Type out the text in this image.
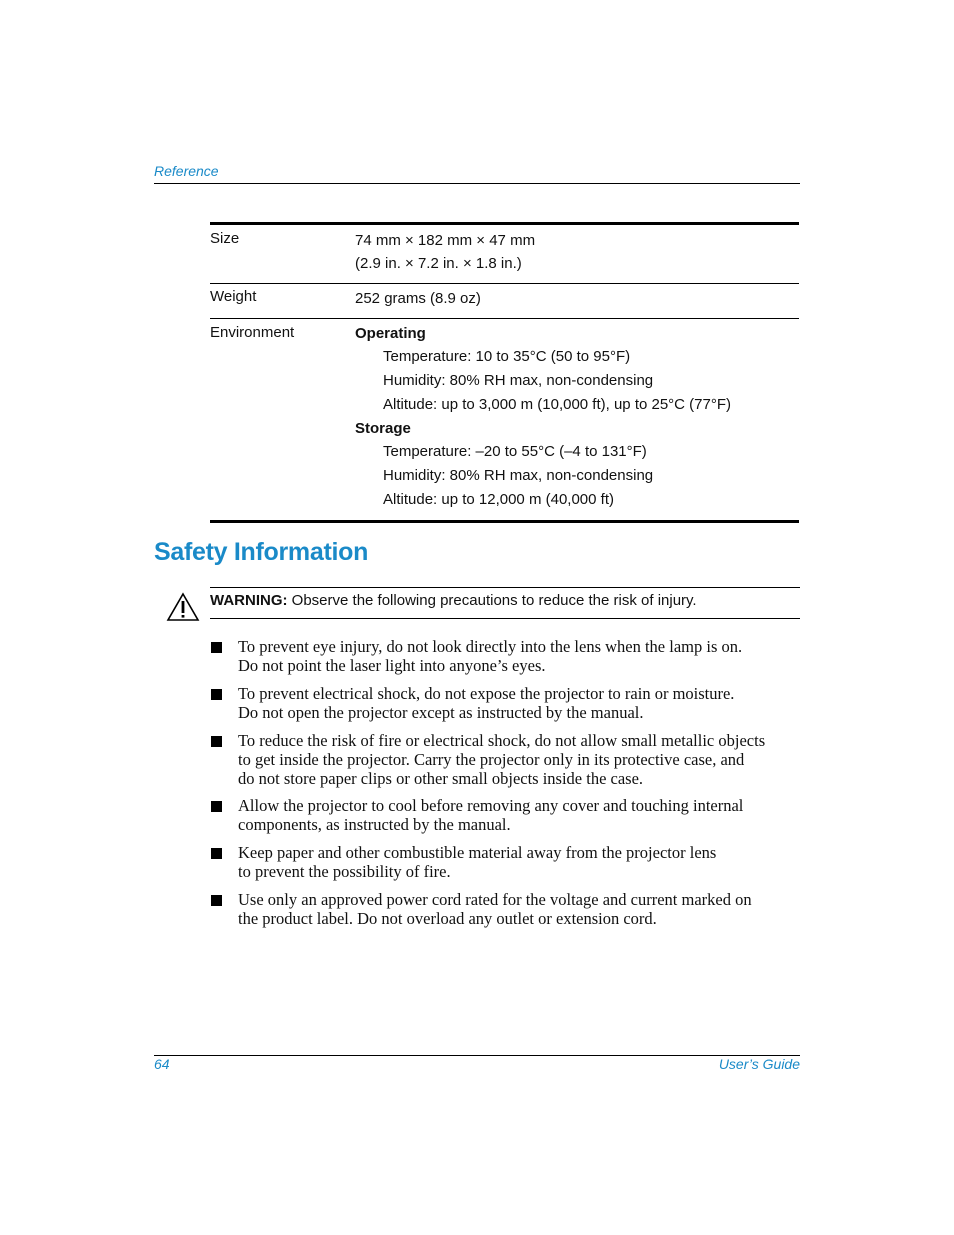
Reference
Size	74 mm × 182 mm × 47 mm
(2.9 in. × 7.2 in. × 1.8 in.)
Weight	252 grams (8.9 oz)
Environment	Operating
Temperature: 10 to 35°C (50 to 95°F)
Humidity: 80% RH max, non-condensing
Altitude: up to 3,000 m (10,000 ft), up to 25°C (77°F)
Storage
Temperature: –20 to 55°C (–4 to 131°F)
Humidity: 80% RH max, non-condensing
Altitude: up to 12,000 m (40,000 ft)
Safety Information
WARNING: Observe the following precautions to reduce the risk of injury.
To prevent eye injury, do not look directly into the lens when the lamp is on.
Do not point the laser light into anyone’s eyes.
To prevent electrical shock, do not expose the projector to rain or moisture.
Do not open the projector except as instructed by the manual.
To reduce the risk of fire or electrical shock, do not allow small metallic objects
to get inside the projector. Carry the projector only in its protective case, and
do not store paper clips or other small objects inside the case.
Allow the projector to cool before removing any cover and touching internal
components, as instructed by the manual.
Keep paper and other combustible material away from the projector lens
to prevent the possibility of fire.
Use only an approved power cord rated for the voltage and current marked on
the product label. Do not overload any outlet or extension cord.
64	User’s Guide
